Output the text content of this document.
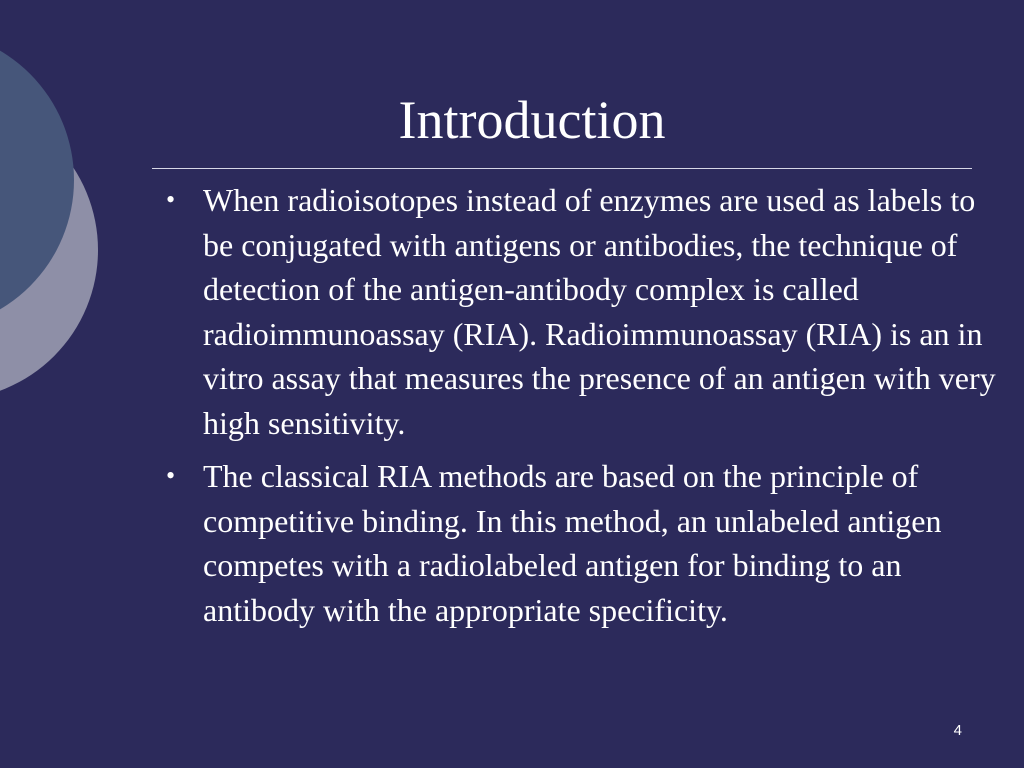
Introduction
• When radioisotopes instead of enzymes are used as labels to be conjugated with antigens or antibodies, the technique of detection of the antigen-antibody complex is called radioimmunoassay (RIA). Radioimmunoassay (RIA) is an in vitro assay that measures the presence of an antigen with very high sensitivity.
• The classical RIA methods are based on the principle of competitive binding. In this method, an unlabeled antigen competes with a radiolabeled antigen for binding to an antibody with the appropriate specificity.
4
